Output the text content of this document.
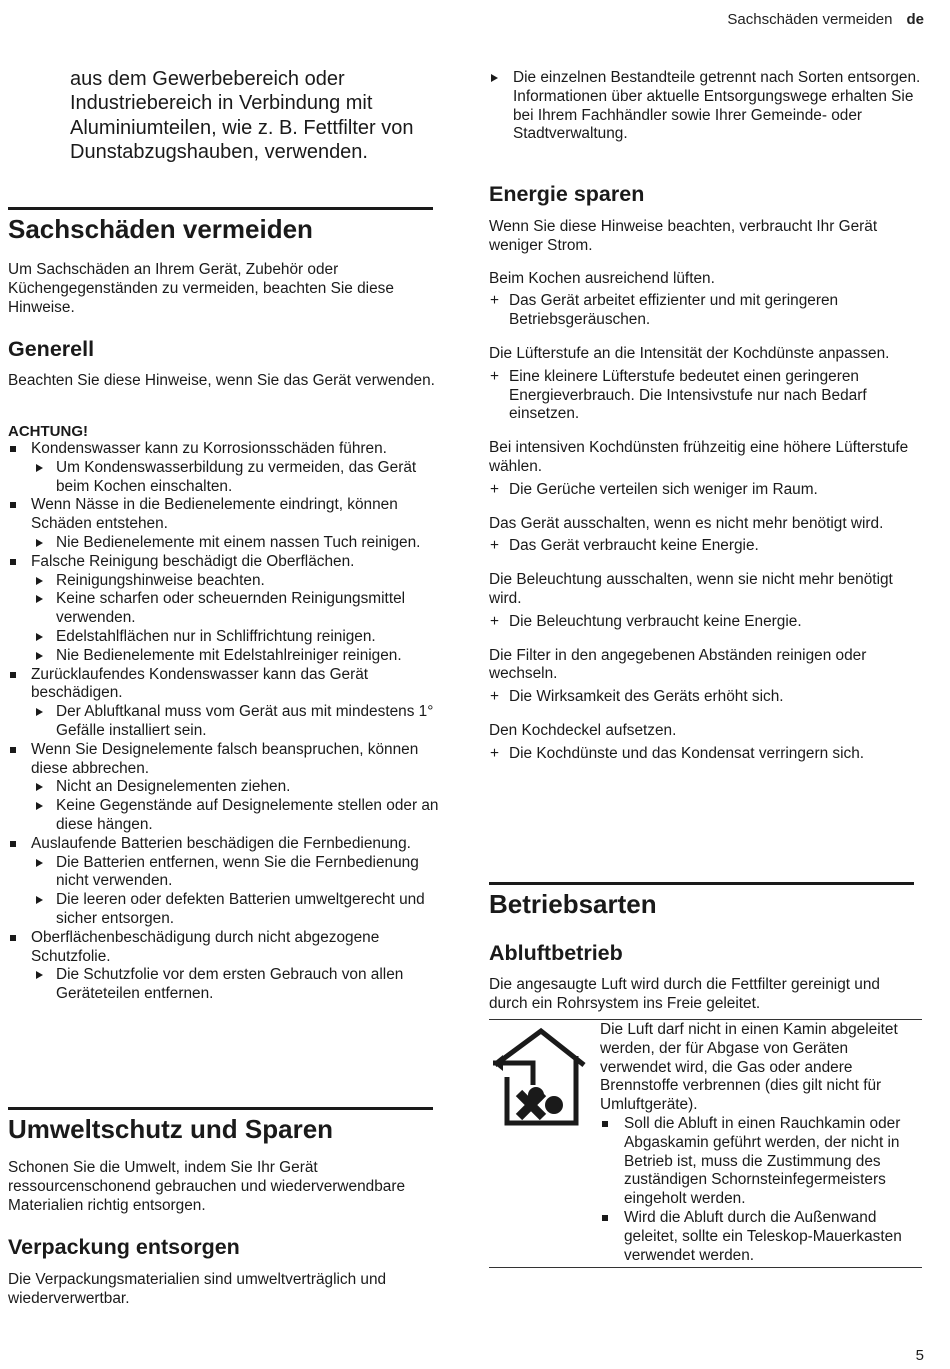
Sachschäden vermeiden de

aus dem Gewerbebereich oder Industriebereich in Verbindung mit Aluminiumteilen, wie z. B. Fettfilter von Dunstabzugshauben, verwenden.

Sachschäden vermeiden

Um Sachschäden an Ihrem Gerät, Zubehör oder Küchengegenständen zu vermeiden, beachten Sie diese Hinweise.

Generell

Beachten Sie diese Hinweise, wenn Sie das Gerät verwenden.

ACHTUNG!
Kondenswasser kann zu Korrosionsschäden führen.
Um Kondenswasserbildung zu vermeiden, das Gerät beim Kochen einschalten.
Wenn Nässe in die Bedienelemente eindringt, können Schäden entstehen.
Nie Bedienelemente mit einem nassen Tuch reinigen.
Falsche Reinigung beschädigt die Oberflächen.
Reinigungshinweise beachten.
Keine scharfen oder scheuernden Reinigungsmittel verwenden.
Edelstahlflächen nur in Schliffrichtung reinigen.
Nie Bedienelemente mit Edelstahlreiniger reinigen.
Zurücklaufendes Kondenswasser kann das Gerät beschädigen.
Der Abluftkanal muss vom Gerät aus mit mindestens 1° Gefälle installiert sein.
Wenn Sie Designelemente falsch beanspruchen, können diese abbrechen.
Nicht an Designelementen ziehen.
Keine Gegenstände auf Designelemente stellen oder an diese hängen.
Auslaufende Batterien beschädigen die Fernbedienung.
Die Batterien entfernen, wenn Sie die Fernbedienung nicht verwenden.
Die leeren oder defekten Batterien umweltgerecht und sicher entsorgen.
Oberflächenbeschädigung durch nicht abgezogene Schutzfolie.
Die Schutzfolie vor dem ersten Gebrauch von allen Geräteteilen entfernen.
Umweltschutz und Sparen

Schonen Sie die Umwelt, indem Sie Ihr Gerät ressourcenschonend gebrauchen und wiederverwendbare Materialien richtig entsorgen.

Verpackung entsorgen

Die Verpackungsmaterialien sind umweltverträglich und wiederverwertbar.

Die einzelnen Bestandteile getrennt nach Sorten entsorgen.
Informationen über aktuelle Entsorgungswege erhalten Sie bei Ihrem Fachhändler sowie Ihrer Gemeinde- oder Stadtverwaltung.
Energie sparen

Wenn Sie diese Hinweise beachten, verbraucht Ihr Gerät weniger Strom.

Beim Kochen ausreichend lüften.

+ Das Gerät arbeitet effizienter und mit geringeren Betriebsgeräuschen.

Die Lüfterstufe an die Intensität der Kochdünste anpassen.

+ Eine kleinere Lüfterstufe bedeutet einen geringeren Energieverbrauch. Die Intensivstufe nur nach Bedarf einsetzen.

Bei intensiven Kochdünsten frühzeitig eine höhere Lüfterstufe wählen.

+ Die Gerüche verteilen sich weniger im Raum.

Das Gerät ausschalten, wenn es nicht mehr benötigt wird.

+ Das Gerät verbraucht keine Energie.

Die Beleuchtung ausschalten, wenn sie nicht mehr benötigt wird.

+ Die Beleuchtung verbraucht keine Energie.

Die Filter in den angegebenen Abständen reinigen oder wechseln.

+ Die Wirksamkeit des Geräts erhöht sich.

Den Kochdeckel aufsetzen.

+ Die Kochdünste und das Kondensat verringern sich.
Betriebsarten
Abluftbetrieb

Die angesaugte Luft wird durch die Fettfilter gereinigt und durch ein Rohrsystem ins Freie geleitet.

Die Luft darf nicht in einen Kamin abgeleitet werden, der für Abgase von Geräten verwendet wird, die Gas oder andere Brennstoffe verbrennen (dies gilt nicht für Umluftgeräte).

Soll die Abluft in einen Rauchkamin oder Abgaskamin geführt werden, der nicht in Betrieb ist, muss die Zustimmung des zuständigen Schornsteinfegermeisters eingeholt werden.
Wird die Abluft durch die Außenwand geleitet, sollte ein Teleskop-Mauerkasten verwendet werden.
5
